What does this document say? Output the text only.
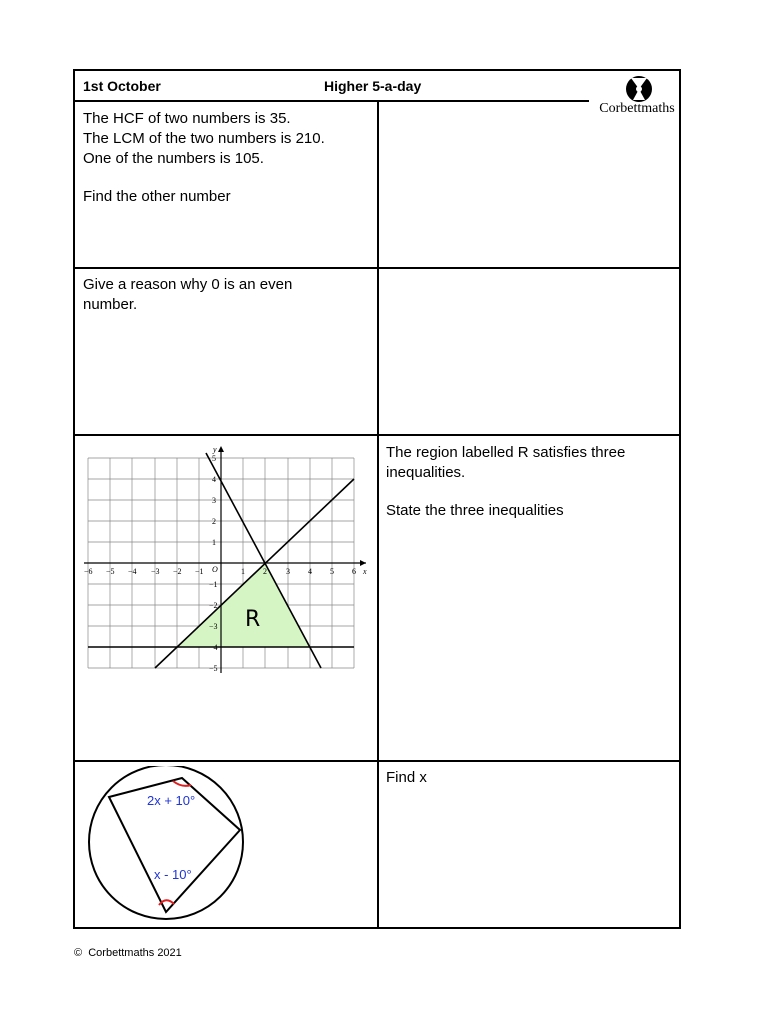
1st October	Higher 5-a-day
Corbettmaths

The HCF of two numbers is 35.

The LCM of the two numbers is 210.

One of the numbers is 105.

Find the other number

Give a reason why 0 is an even

number.

The region labelled R satisfies three

inequalities.

State the three inequalities

−6 −5 −4 −3 −2 −1	1 2 3 4 5 6
5
4
3
2
1
−1
−2
−3
−4
−5
O	x
y
R

Find x

2x + 10°
x - 10°
© Corbettmaths 2021
